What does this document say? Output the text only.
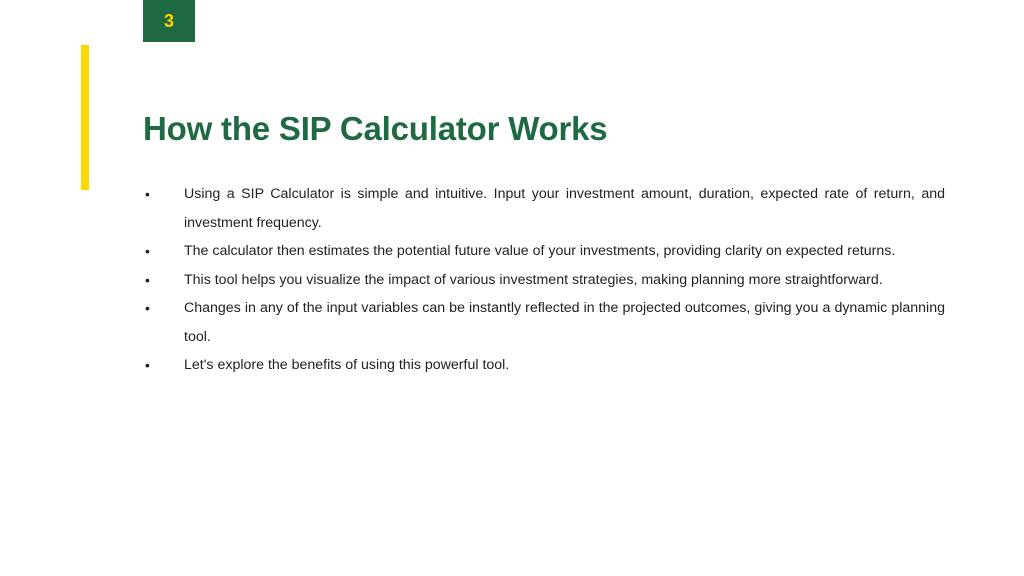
3
How the SIP Calculator Works
• Using a SIP Calculator is simple and intuitive. Input your investment amount, duration, expected rate of return, and investment frequency.
• The calculator then estimates the potential future value of your investments, providing clarity on expected returns.
• This tool helps you visualize the impact of various investment strategies, making planning more straightforward.
• Changes in any of the input variables can be instantly reflected in the projected outcomes, giving you a dynamic planning tool.
• Let's explore the benefits of using this powerful tool.
